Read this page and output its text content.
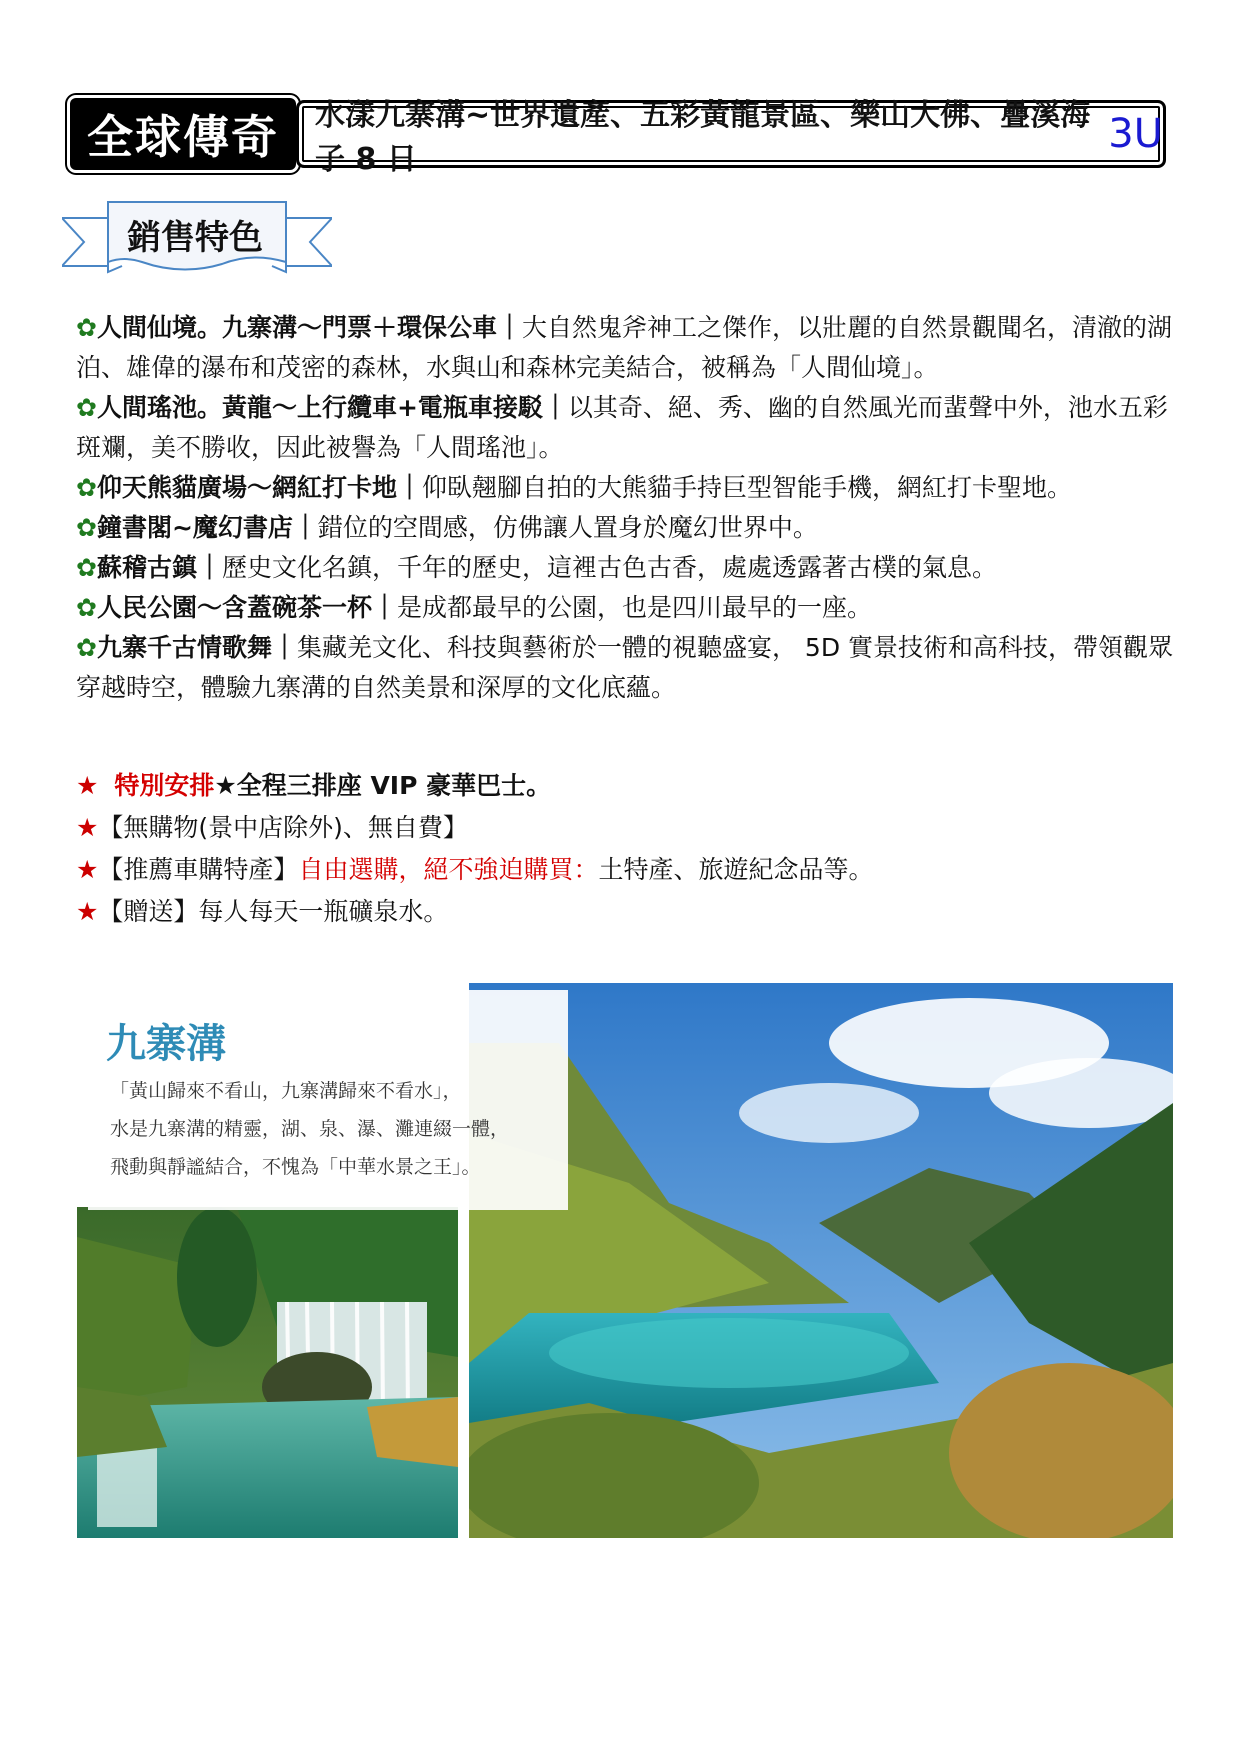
全球傳奇 水漾九寨溝~世界遺產、五彩黃龍景區、樂山大佛、疊溪海子 8 日
3U
銷售特色

✿人間仙境。九寨溝～門票＋環保公車｜大自然鬼斧神工之傑作，以壯麗的自然景觀聞名，清澈的湖泊、雄偉的瀑布和茂密的森林，水與山和森林完美結合，被稱為「人間仙境」。

✿人間瑤池。黃龍～上行纜車+電瓶車接駁｜以其奇、絕、秀、幽的自然風光而蜚聲中外，池水五彩斑斕，美不勝收，因此被譽為「人間瑤池」。

✿仰天熊貓廣場～網紅打卡地｜仰臥翹腳自拍的大熊貓手持巨型智能手機，網紅打卡聖地。

✿鐘書閣~魔幻書店｜錯位的空間感，仿佛讓人置身於魔幻世界中。

✿蘇稽古鎮｜歷史文化名鎮，千年的歷史，這裡古色古香，處處透露著古樸的氣息。

✿人民公園～含蓋碗茶一杯｜是成都最早的公園，也是四川最早的一座。

✿九寨千古情歌舞｜集藏羌文化、科技與藝術於一體的視聽盛宴， 5D 實景技術和高科技，帶領觀眾穿越時空，體驗九寨溝的自然美景和深厚的文化底蘊。

★ 特別安排★全程三排座 VIP 豪華巴士。
★【無購物(景中店除外)、無自費】
★【推薦車購特產】自由選購，絕不強迫購買：土特產、旅遊紀念品等。
★【贈送】每人每天一瓶礦泉水。
九寨溝
「黃山歸來不看山，九寨溝歸來不看水」，
水是九寨溝的精靈，湖、泉、瀑、灘連綴一體，
飛動與靜謐結合，不愧為「中華水景之王」。
